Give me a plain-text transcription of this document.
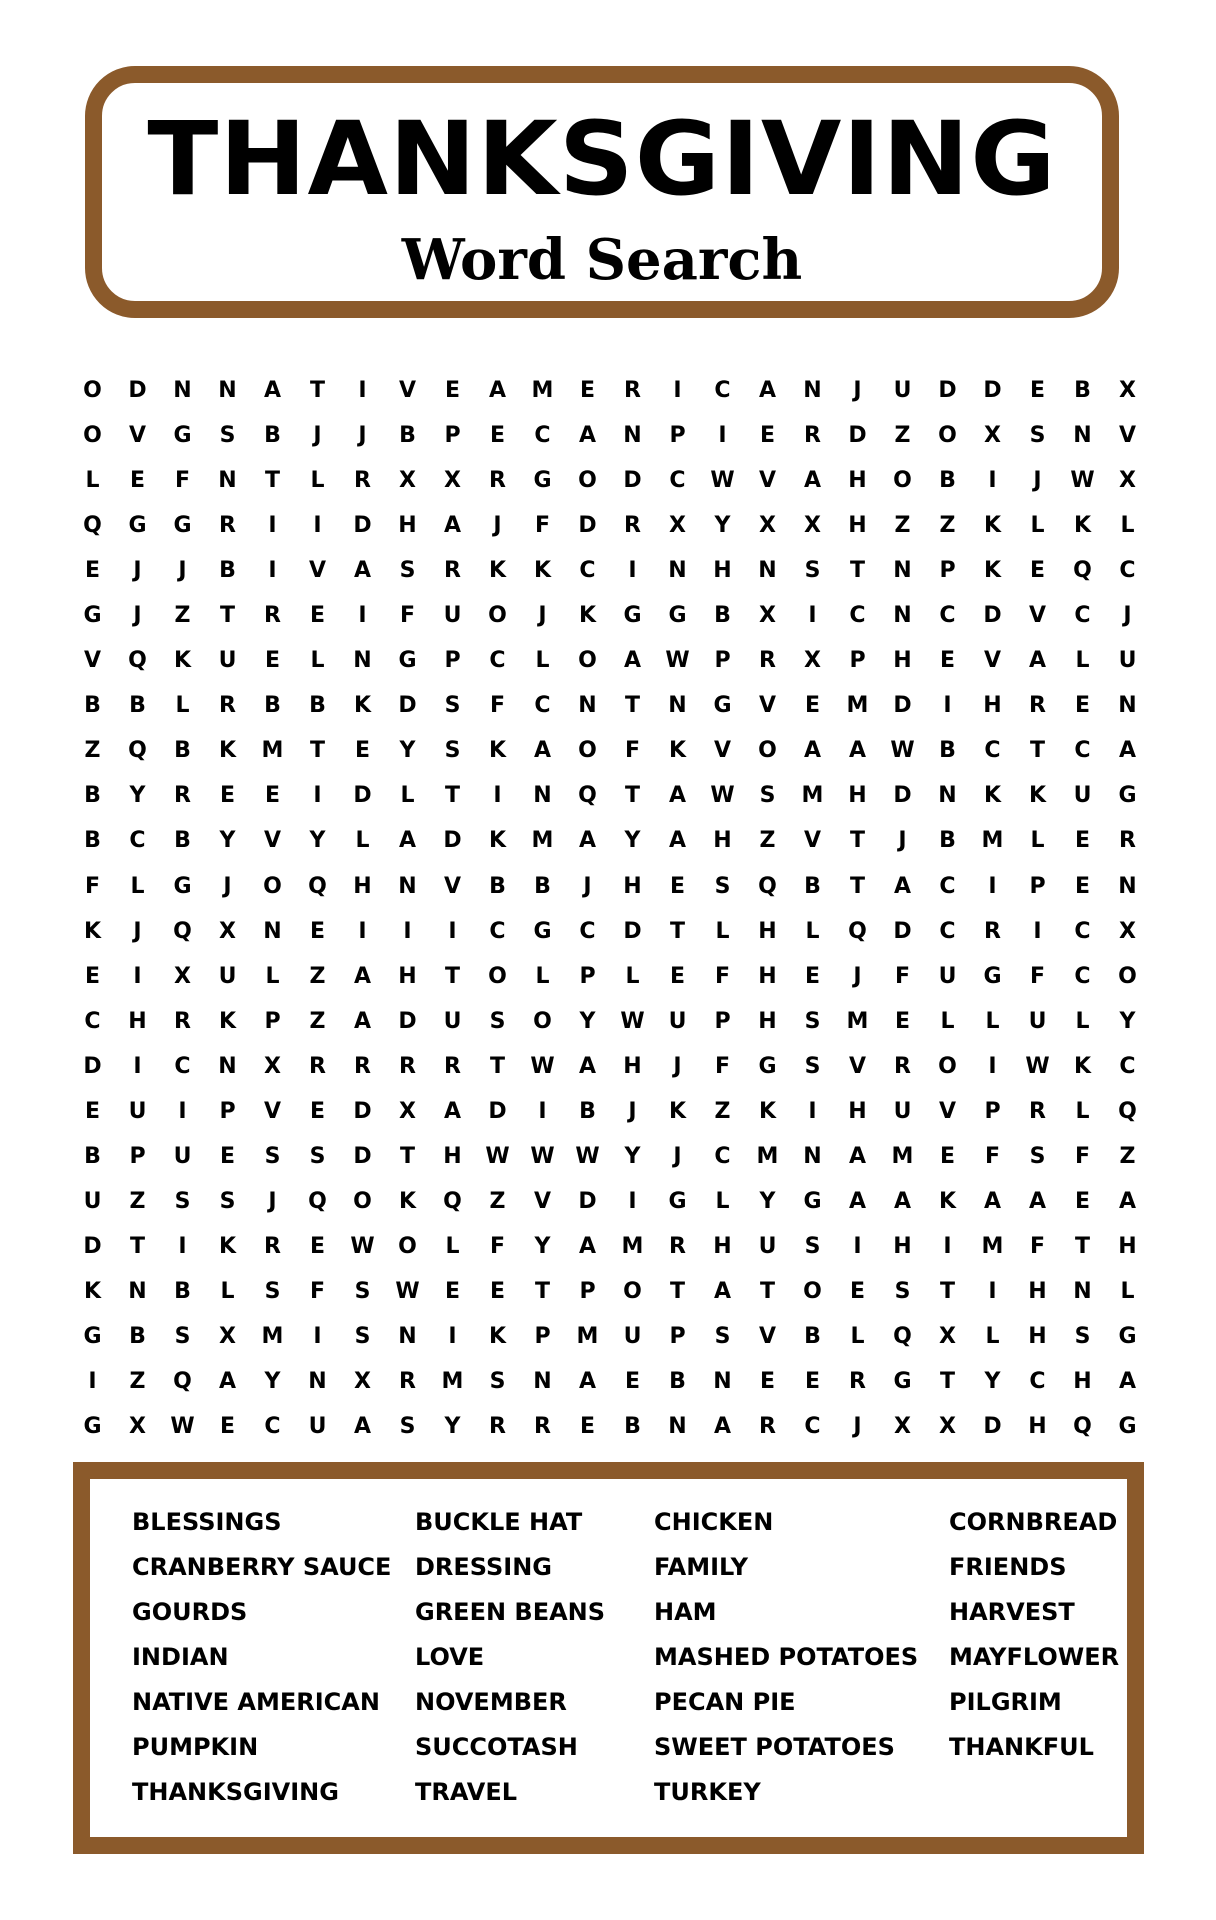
THANKSGIVING
Word Search
O	D	N	N	A	T	I	V	E	A	M	E	R	I	C	A	N	J	U	D	D	E	B	X
O	V	G	S	B	J	J	B	P	E	C	A	N	P	I	E	R	D	Z	O	X	S	N	V
L	E	F	N	T	L	R	X	X	R	G	O	D	C	W	V	A	H	O	B	I	J	W	X
Q	G	G	R	I	I	D	H	A	J	F	D	R	X	Y	X	X	H	Z	Z	K	L	K	L
E	J	J	B	I	V	A	S	R	K	K	C	I	N	H	N	S	T	N	P	K	E	Q	C
G	J	Z	T	R	E	I	F	U	O	J	K	G	G	B	X	I	C	N	C	D	V	C	J
V	Q	K	U	E	L	N	G	P	C	L	O	A	W	P	R	X	P	H	E	V	A	L	U
B	B	L	R	B	B	K	D	S	F	C	N	T	N	G	V	E	M	D	I	H	R	E	N
Z	Q	B	K	M	T	E	Y	S	K	A	O	F	K	V	O	A	A	W	B	C	T	C	A
B	Y	R	E	E	I	D	L	T	I	N	Q	T	A	W	S	M	H	D	N	K	K	U	G
B	C	B	Y	V	Y	L	A	D	K	M	A	Y	A	H	Z	V	T	J	B	M	L	E	R
F	L	G	J	O	Q	H	N	V	B	B	J	H	E	S	Q	B	T	A	C	I	P	E	N
K	J	Q	X	N	E	I	I	I	C	G	C	D	T	L	H	L	Q	D	C	R	I	C	X
E	I	X	U	L	Z	A	H	T	O	L	P	L	E	F	H	E	J	F	U	G	F	C	O
C	H	R	K	P	Z	A	D	U	S	O	Y	W	U	P	H	S	M	E	L	L	U	L	Y
D	I	C	N	X	R	R	R	R	T	W	A	H	J	F	G	S	V	R	O	I	W	K	C
E	U	I	P	V	E	D	X	A	D	I	B	J	K	Z	K	I	H	U	V	P	R	L	Q
B	P	U	E	S	S	D	T	H	W W W	Y	J	C	M	N	A	M	E	F	S	F	Z
U	Z	S	S	J	Q	O	K	Q	Z	V	D	I	G	L	Y	G	A	A	K	A	A	E	A
D	T	I	K	R	E	W	O	L	F	Y	A	M	R	H	U	S	I	H	I	M	F	T	H
K	N	B	L	S	F	S	W	E	E	T	P	O	T	A	T	O	E	S	T	I	H	N	L
G	B	S	X	M	I	S	N	I	K	P	M	U	P	S	V	B	L	Q	X	L	H	S	G
I	Z	Q	A	Y	N	X	R	M	S	N	A	E	B	N	E	E	R	G	T	Y	C	H	A
G	X	W	E	C	U	A	S	Y	R	R	E	B	N	A	R	C	J	X	X	D	H	Q	G
BLESSINGS
CRANBERRY SAUCE
GOURDS
INDIAN
NATIVE AMERICAN
PUMPKIN
THANKSGIVING
BUCKLE HAT
DRESSING
GREEN BEANS
LOVE
NOVEMBER
SUCCOTASH
TRAVEL
CHICKEN
FAMILY
HAM
MASHED POTATOES
PECAN PIE
SWEET POTATOES
TURKEY
CORNBREAD
FRIENDS
HARVEST
MAYFLOWER
PILGRIM
THANKFUL
